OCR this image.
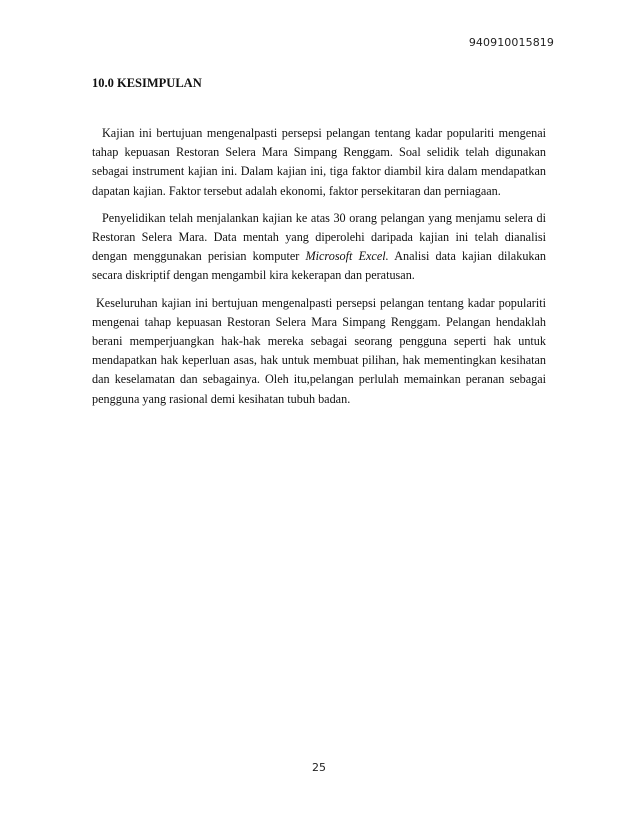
940910015819
10.0 KESIMPULAN

Kajian ini bertujuan mengenalpasti persepsi pelangan tentang kadar populariti mengenai tahap kepuasan Restoran Selera Mara Simpang Renggam. Soal selidik telah digunakan sebagai instrument kajian ini. Dalam kajian ini, tiga faktor diambil kira dalam mendapatkan dapatan kajian. Faktor tersebut adalah ekonomi, faktor persekitaran dan perniagaan.

Penyelidikan telah menjalankan kajian ke atas 30 orang pelangan yang menjamu selera di Restoran Selera Mara. Data mentah yang diperolehi daripada kajian ini telah dianalisi dengan menggunakan perisian komputer Microsoft Excel. Analisi data kajian dilakukan secara diskriptif dengan mengambil kira kekerapan dan peratusan.

Keseluruhan kajian ini bertujuan mengenalpasti persepsi pelangan tentang kadar populariti mengenai tahap kepuasan Restoran Selera Mara Simpang Renggam. Pelangan hendaklah berani memperjuangkan hak-hak mereka sebagai seorang pengguna seperti hak untuk mendapatkan hak keperluan asas, hak untuk membuat pilihan, hak mementingkan kesihatan dan keselamatan dan sebagainya. Oleh itu,pelangan perlulah memainkan peranan sebagai pengguna yang rasional demi kesihatan tubuh badan.

25
